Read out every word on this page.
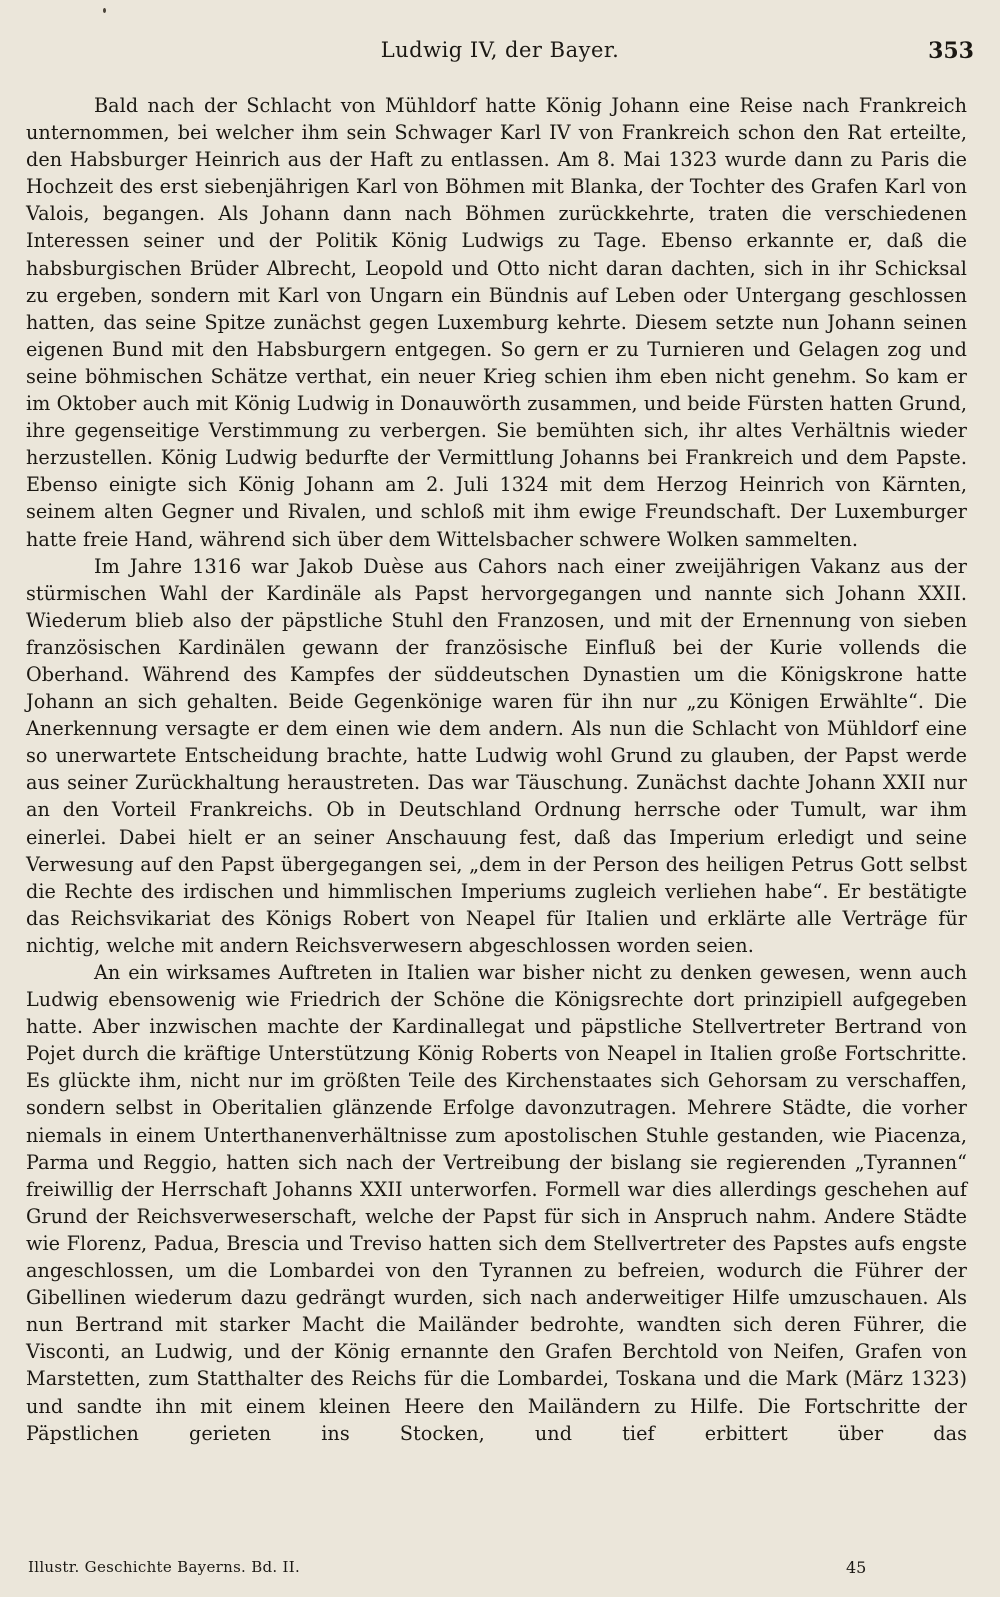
Ludwig IV, der Bayer.	353

Bald nach der Schlacht von Mühldorf hatte König Johann eine Reise nach Frankreich unternommen, bei welcher ihm sein Schwager Karl IV von Frankreich schon den Rat erteilte, den Habsburger Heinrich aus der Haft zu entlassen. Am 8. Mai 1323 wurde dann zu Paris die Hochzeit des erst siebenjährigen Karl von Böhmen mit Blanka, der Tochter des Grafen Karl von Valois, begangen. Als Johann dann nach Böhmen zurückkehrte, traten die verschiedenen Interessen seiner und der Politik König Ludwigs zu Tage. Ebenso erkannte er, daß die habsburgischen Brüder Albrecht, Leopold und Otto nicht daran dachten, sich in ihr Schicksal zu ergeben, sondern mit Karl von Ungarn ein Bündnis auf Leben oder Untergang geschlossen hatten, das seine Spitze zunächst gegen Luxemburg kehrte. Diesem setzte nun Johann seinen eigenen Bund mit den Habsburgern entgegen. So gern er zu Turnieren und Gelagen zog und seine böhmischen Schätze verthat, ein neuer Krieg schien ihm eben nicht genehm. So kam er im Oktober auch mit König Ludwig in Donauwörth zusammen, und beide Fürsten hatten Grund, ihre gegenseitige Verstimmung zu verbergen. Sie bemühten sich, ihr altes Verhältnis wieder herzustellen. König Ludwig bedurfte der Vermittlung Johanns bei Frankreich und dem Papste. Ebenso einigte sich König Johann am 2. Juli 1324 mit dem Herzog Heinrich von Kärnten, seinem alten Gegner und Rivalen, und schloß mit ihm ewige Freundschaft. Der Luxemburger hatte freie Hand, während sich über dem Wittelsbacher schwere Wolken sammelten.

Im Jahre 1316 war Jakob Duèse aus Cahors nach einer zweijährigen Vakanz aus der stürmischen Wahl der Kardinäle als Papst hervorgegangen und nannte sich Johann XXII. Wiederum blieb also der päpstliche Stuhl den Franzosen, und mit der Ernennung von sieben französischen Kardinälen gewann der französische Einfluß bei der Kurie vollends die Oberhand. Während des Kampfes der süddeutschen Dynastien um die Königskrone hatte Johann an sich gehalten. Beide Gegenkönige waren für ihn nur „zu Königen Erwählte“. Die Anerkennung versagte er dem einen wie dem andern. Als nun die Schlacht von Mühldorf eine so unerwartete Entscheidung brachte, hatte Ludwig wohl Grund zu glauben, der Papst werde aus seiner Zurückhaltung heraustreten. Das war Täuschung. Zunächst dachte Johann XXII nur an den Vorteil Frankreichs. Ob in Deutschland Ordnung herrsche oder Tumult, war ihm einerlei. Dabei hielt er an seiner Anschauung fest, daß das Imperium erledigt und seine Verwesung auf den Papst übergegangen sei, „dem in der Person des heiligen Petrus Gott selbst die Rechte des irdischen und himmlischen Imperiums zugleich verliehen habe“. Er bestätigte das Reichsvikariat des Königs Robert von Neapel für Italien und erklärte alle Verträge für nichtig, welche mit andern Reichsverwesern abgeschlossen worden seien.

An ein wirksames Auftreten in Italien war bisher nicht zu denken gewesen, wenn auch Ludwig ebensowenig wie Friedrich der Schöne die Königsrechte dort prinzipiell aufgegeben hatte. Aber inzwischen machte der Kardinallegat und päpstliche Stellvertreter Bertrand von Pojet durch die kräftige Unterstützung König Roberts von Neapel in Italien große Fortschritte. Es glückte ihm, nicht nur im größten Teile des Kirchenstaates sich Gehorsam zu verschaffen, sondern selbst in Oberitalien glänzende Erfolge davonzutragen. Mehrere Städte, die vorher niemals in einem Unterthanenverhältnisse zum apostolischen Stuhle gestanden, wie Piacenza, Parma und Reggio, hatten sich nach der Vertreibung der bislang sie regierenden „Tyrannen“ freiwillig der Herrschaft Johanns XXII unterworfen. Formell war dies allerdings geschehen auf Grund der Reichsverweserschaft, welche der Papst für sich in Anspruch nahm. Andere Städte wie Florenz, Padua, Brescia und Treviso hatten sich dem Stellvertreter des Papstes aufs engste angeschlossen, um die Lombardei von den Tyrannen zu befreien, wodurch die Führer der Gibellinen wiederum dazu gedrängt wurden, sich nach anderweitiger Hilfe umzuschauen. Als nun Bertrand mit starker Macht die Mailänder bedrohte, wandten sich deren Führer, die Visconti, an Ludwig, und der König ernannte den Grafen Berchtold von Neifen, Grafen von Marstetten, zum Statthalter des Reichs für die Lombardei, Toskana und die Mark (März 1323) und sandte ihn mit einem kleinen Heere den Mailändern zu Hilfe. Die Fortschritte der Päpstlichen gerieten ins Stocken, und tief erbittert über das

Illustr. Geschichte Bayerns. Bd. II.	45
